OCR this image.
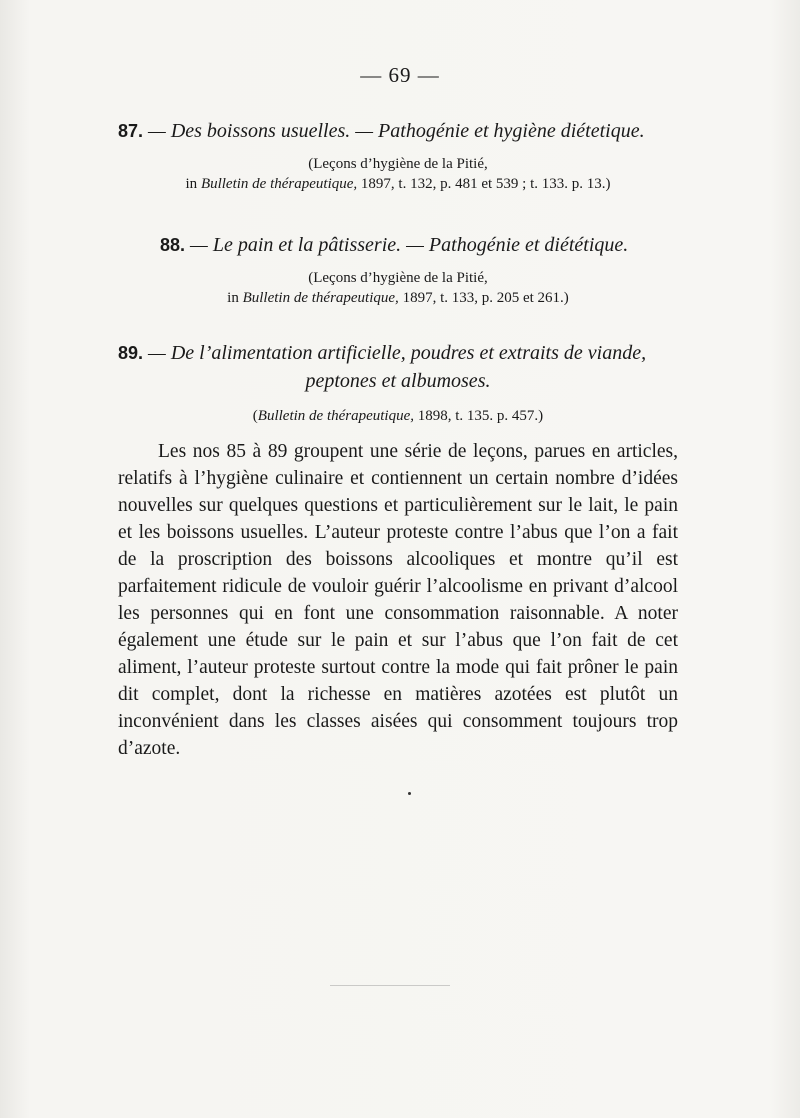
— 69 —
87. — Des boissons usuelles. — Pathogénie et hygiène diétetique.
(Leçons d’hygiène de la Pitié,
in Bulletin de thérapeutique, 1897, t. 132, p. 481 et 539 ; t. 133. p. 13.)
88. — Le pain et la pâtisserie. — Pathogénie et diététique.
(Leçons d’hygiène de la Pitié,
in Bulletin de thérapeutique, 1897, t. 133, p. 205 et 261.)
89. — De l’alimentation artificielle, poudres et extraits de viande,
peptones et albumoses.
(Bulletin de thérapeutique, 1898, t. 135. p. 457.)

Les nos 85 à 89 groupent une série de leçons, parues en articles, relatifs à l’hygiène culinaire et contiennent un certain nombre d’idées nouvelles sur quelques questions et particulièrement sur le lait, le pain et les boissons usuelles. L’auteur proteste contre l’abus que l’on a fait de la proscription des boissons alcooliques et montre qu’il est parfaitement ridicule de vouloir guérir l’alcoolisme en privant d’alcool les personnes qui en font une consommation raisonnable. A noter également une étude sur le pain et sur l’abus que l’on fait de cet aliment, l’auteur proteste surtout contre la mode qui fait prôner le pain dit complet, dont la richesse en matières azotées est plutôt un inconvénient dans les classes aisées qui consomment toujours trop d’azote.
